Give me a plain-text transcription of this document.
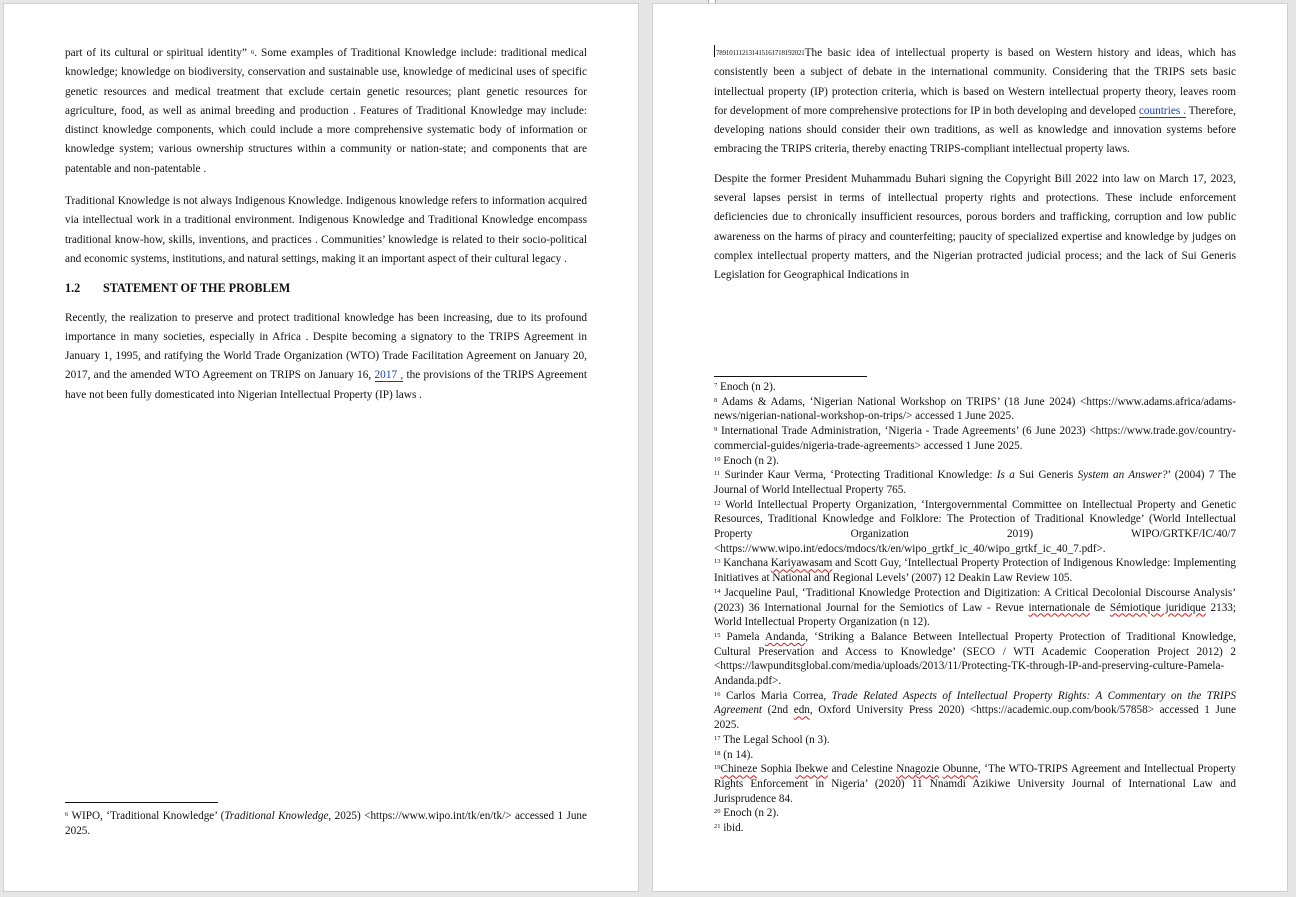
part of its cultural or spiritual identity” $^6$. Some examples of Traditional Knowledge include: traditional medical knowledge; knowledge on biodiversity, conservation and sustainable use, knowledge of medicinal uses of specific genetic resources and medical treatment that exclude certain genetic resources; plant genetic resources for agriculture, food, as well as animal breeding and production . Features of Traditional Knowledge may include: distinct knowledge components, which could include a more comprehensive systematic body of information or knowledge system; various ownership structures within a community or nation-state; and components that are patentable and non-patentable .

Traditional Knowledge is not always Indigenous Knowledge. Indigenous knowledge refers to information acquired via intellectual work in a traditional environment. Indigenous Knowledge and Traditional Knowledge encompass traditional know-how, skills, inventions, and practices . Communities’ knowledge is related to their socio-political and economic systems, institutions, and natural settings, making it an important aspect of their cultural legacy .

1.2 STATEMENT OF THE PROBLEM

Recently, the realization to preserve and protect traditional knowledge has been increasing, due to its profound importance in many societies, especially in Africa . Despite becoming a signatory to the TRIPS Agreement in January 1, 1995, and ratifying the World Trade Organization (WTO) Trade Facilitation Agreement on January 20, 2017, and the amended WTO Agreement on TRIPS on January 16, 2017 , the provisions of the TRIPS Agreement have not been fully domesticated into Nigerian Intellectual Property (IP) laws .

$^6$ WIPO, ‘Traditional Knowledge’ (Traditional Knowledge, 2025) <https://www.wipo.int/tk/en/tk/> accessed 1 June 2025.

$^{789101112131415161718192021}$The basic idea of intellectual property is based on Western history and ideas, which has consistently been a subject of debate in the international community. Considering that the TRIPS sets basic intellectual property (IP) protection criteria, which is based on Western intellectual property theory, leaves room for development of more comprehensive protections for IP in both developing and developed countries . Therefore, developing nations should consider their own traditions, as well as knowledge and innovation systems before embracing the TRIPS criteria, thereby enacting TRIPS-compliant intellectual property laws.

Despite the former President Muhammadu Buhari signing the Copyright Bill 2022 into law on March 17, 2023, several lapses persist in terms of intellectual property rights and protections. These include enforcement deficiencies due to chronically insufficient resources, porous borders and trafficking, corruption and low public awareness on the harms of piracy and counterfeiting; paucity of specialized expertise and knowledge by judges on complex intellectual property matters, and the Nigerian protracted judicial process; and the lack of Sui Generis Legislation for Geographical Indications in

$^7$ Enoch (n 2).

$^8$ Adams & Adams, ‘Nigerian National Workshop on TRIPS’ (18 June 2024) <https://www.adams.africa/adams-news/nigerian-national-workshop-on-trips/> accessed 1 June 2025.

$^9$ International Trade Administration, ‘Nigeria - Trade Agreements’ (6 June 2023) <https://www.trade.gov/country-commercial-guides/nigeria-trade-agreements> accessed 1 June 2025.

$^{10}$ Enoch (n 2).

$^{11}$ Surinder Kaur Verma, ‘Protecting Traditional Knowledge: Is a Sui Generis System an Answer?’ (2004) 7 The Journal of World Intellectual Property 765.

$^{12}$ World Intellectual Property Organization, ‘Intergovernmental Committee on Intellectual Property and Genetic Resources, Traditional Knowledge and Folklore: The Protection of Traditional Knowledge’ (World Intellectual Property Organization 2019) WIPO/GRTKF/IC/40/7 <https://www.wipo.int/edocs/mdocs/tk/en/wipo_grtkf_ic_40/wipo_grtkf_ic_40_7.pdf>.

$^{13}$ Kanchana Kariyawasam and Scott Guy, ‘Intellectual Property Protection of Indigenous Knowledge: Implementing Initiatives at National and Regional Levels’ (2007) 12 Deakin Law Review 105.

$^{14}$ Jacqueline Paul, ‘Traditional Knowledge Protection and Digitization: A Critical Decolonial Discourse Analysis’ (2023) 36 International Journal for the Semiotics of Law - Revue internationale de Sémiotique juridique 2133; World Intellectual Property Organization (n 12).

$^{15}$ Pamela Andanda, ‘Striking a Balance Between Intellectual Property Protection of Traditional Knowledge, Cultural Preservation and Access to Knowledge’ (SECO / WTI Academic Cooperation Project 2012) 2 <https://lawpunditsglobal.com/media/uploads/2013/11/Protecting-TK-through-IP-and-preserving-culture-Pamela-Andanda.pdf>.

$^{16}$ Carlos Maria Correa, Trade Related Aspects of Intellectual Property Rights: A Commentary on the TRIPS Agreement (2nd edn, Oxford University Press 2020) <https://academic.oup.com/book/57858> accessed 1 June 2025.

$^{17}$ The Legal School (n 3).

$^{18}$ (n 14).

$^{19}$Chineze Sophia Ibekwe and Celestine Nnagozie Obunne, ‘The WTO-TRIPS Agreement and Intellectual Property Rights Enforcement in Nigeria’ (2020) 11 Nnamdi Azikiwe University Journal of International Law and Jurisprudence 84.

$^{20}$ Enoch (n 2).

$^{21}$ ibid.
